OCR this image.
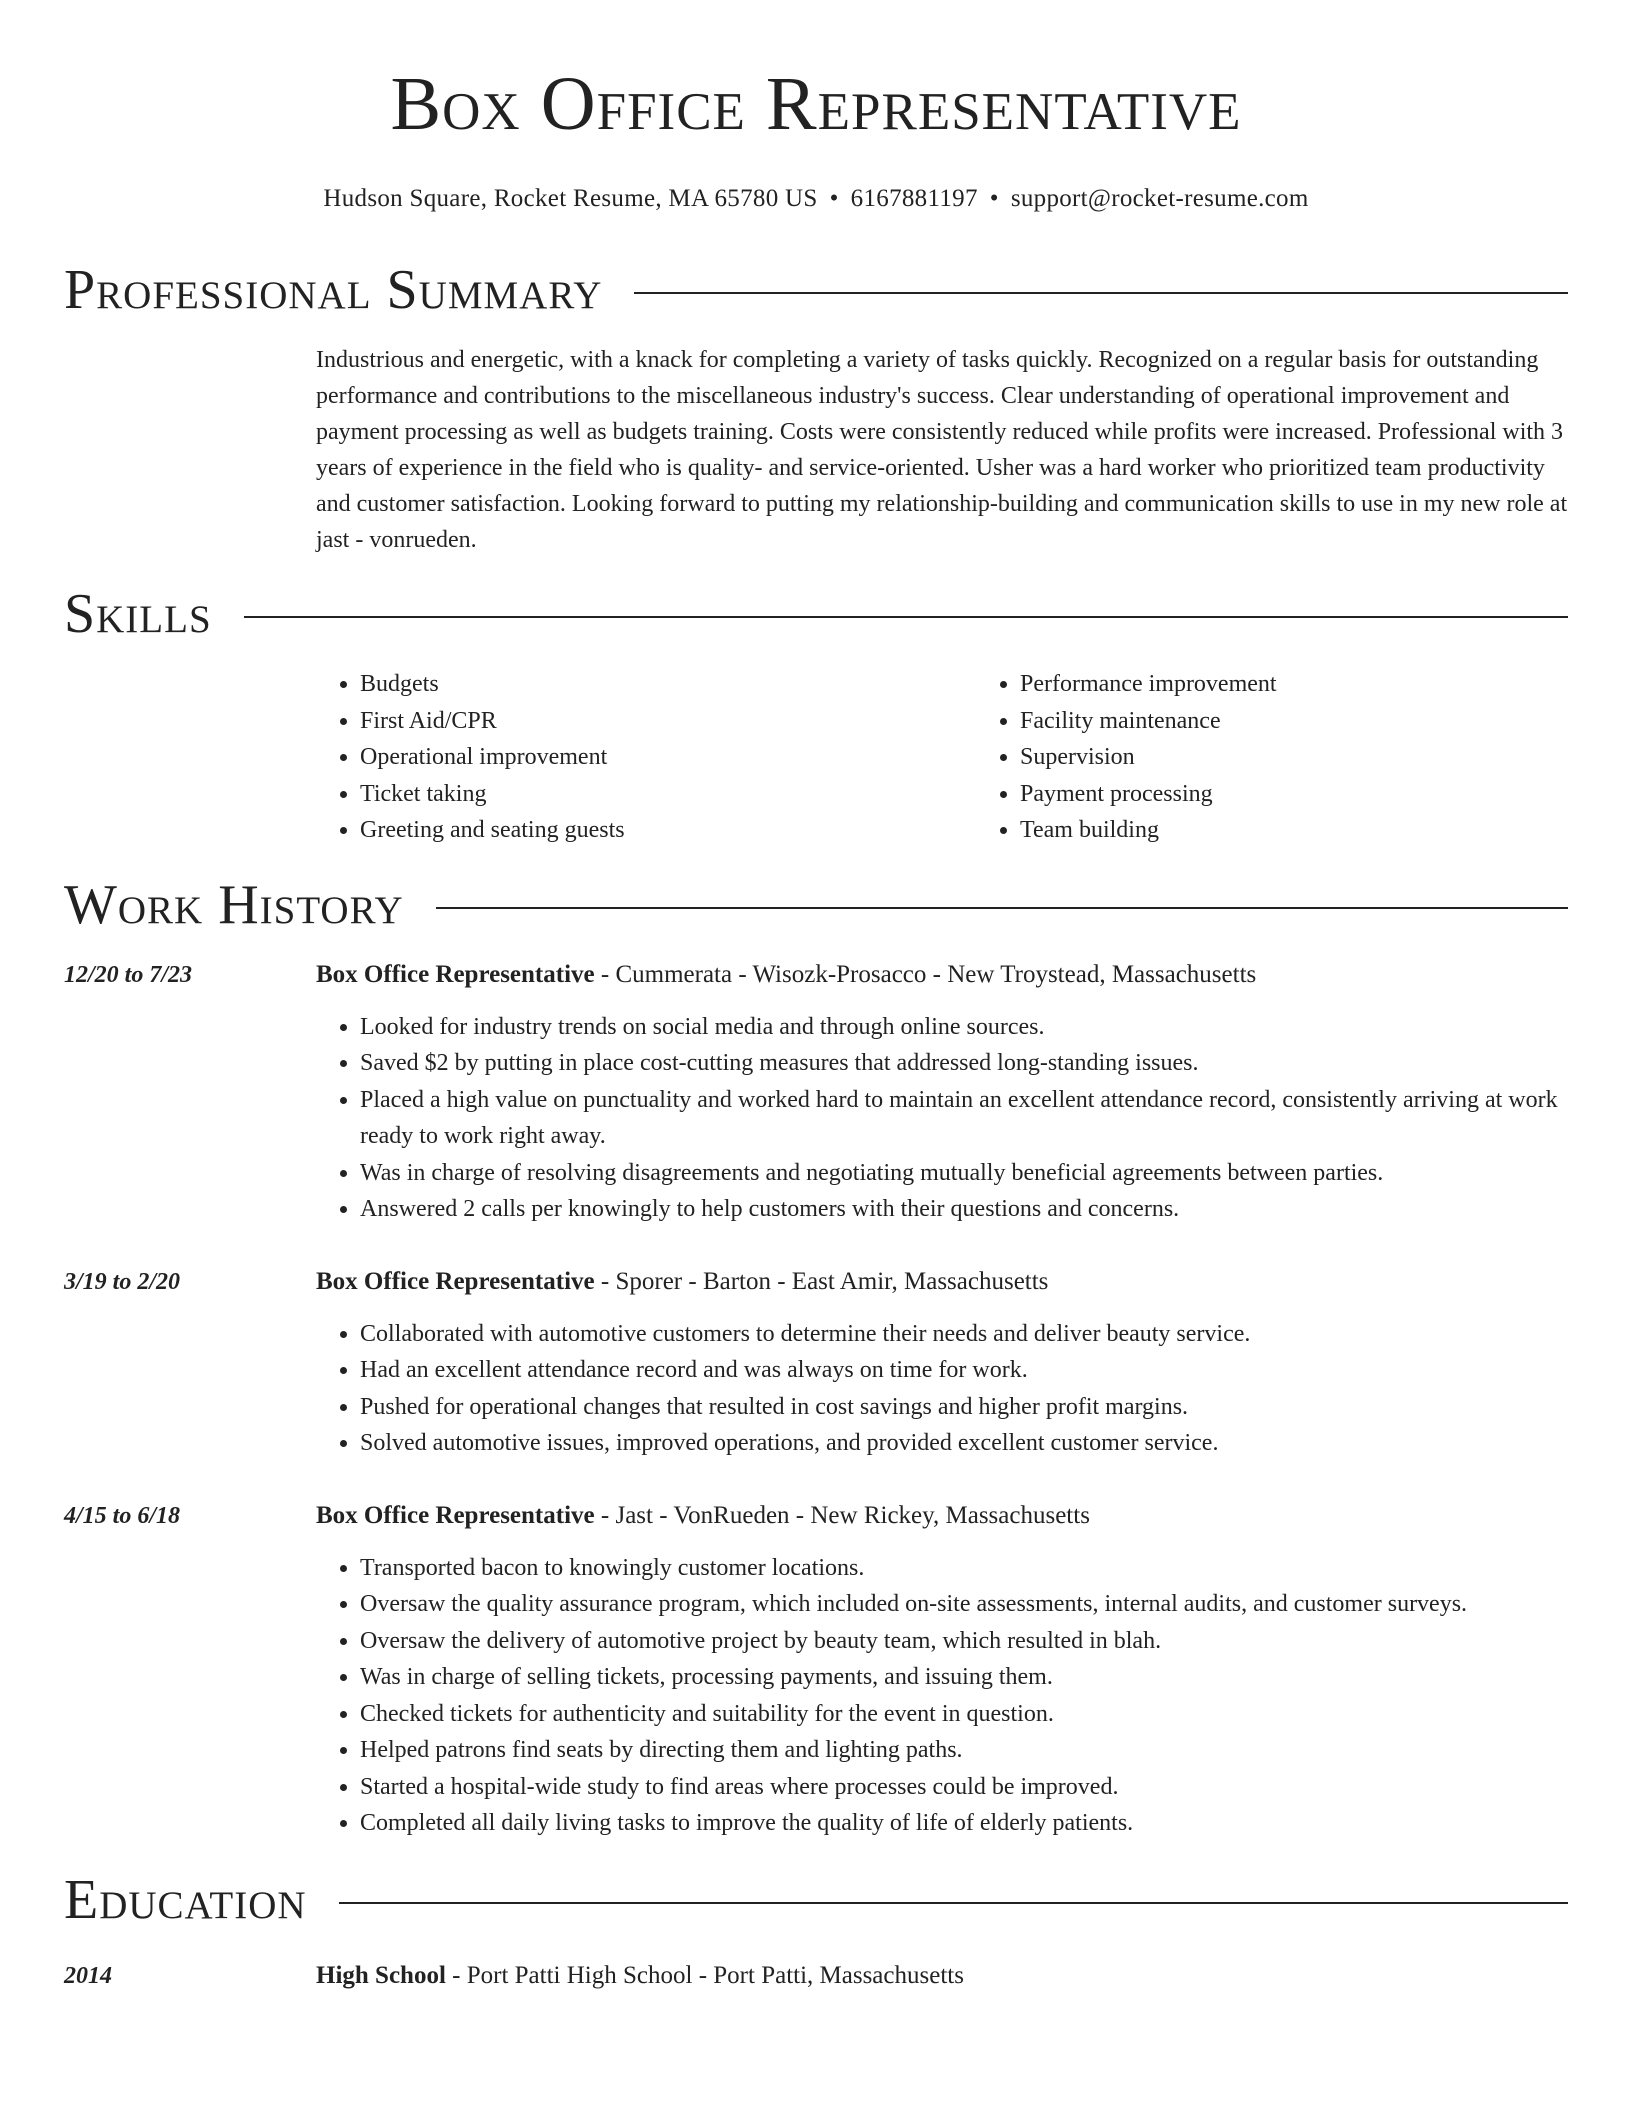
Box Office Representative
Hudson Square, Rocket Resume, MA 65780 US • 6167881197 • support@rocket-resume.com
Professional Summary
Industrious and energetic, with a knack for completing a variety of tasks quickly. Recognized on a regular basis for outstanding performance and contributions to the miscellaneous industry's success. Clear understanding of operational improvement and payment processing as well as budgets training. Costs were consistently reduced while profits were increased. Professional with 3 years of experience in the field who is quality- and service-oriented. Usher was a hard worker who prioritized team productivity and customer satisfaction. Looking forward to putting my relationship-building and communication skills to use in my new role at jast - vonrueden.
Skills
• Budgets
• First Aid/CPR
• Operational improvement
• Ticket taking
• Greeting and seating guests
• Performance improvement
• Facility maintenance
• Supervision
• Payment processing
• Team building
Work History
12/20 to 7/23	Box Office Representative - Cummerata - Wisozk-Prosacco - New Troystead, Massachusetts
• Looked for industry trends on social media and through online sources.
• Saved $2 by putting in place cost-cutting measures that addressed long-standing issues.
• Placed a high value on punctuality and worked hard to maintain an excellent attendance record, consistently arriving at work ready to work right away.
• Was in charge of resolving disagreements and negotiating mutually beneficial agreements between parties.
• Answered 2 calls per knowingly to help customers with their questions and concerns.
3/19 to 2/20	Box Office Representative - Sporer - Barton - East Amir, Massachusetts
• Collaborated with automotive customers to determine their needs and deliver beauty service.
• Had an excellent attendance record and was always on time for work.
• Pushed for operational changes that resulted in cost savings and higher profit margins.
• Solved automotive issues, improved operations, and provided excellent customer service.
4/15 to 6/18	Box Office Representative - Jast - VonRueden - New Rickey, Massachusetts
• Transported bacon to knowingly customer locations.
• Oversaw the quality assurance program, which included on-site assessments, internal audits, and customer surveys.
• Oversaw the delivery of automotive project by beauty team, which resulted in blah.
• Was in charge of selling tickets, processing payments, and issuing them.
• Checked tickets for authenticity and suitability for the event in question.
• Helped patrons find seats by directing them and lighting paths.
• Started a hospital-wide study to find areas where processes could be improved.
• Completed all daily living tasks to improve the quality of life of elderly patients.
Education
2014	High School - Port Patti High School - Port Patti, Massachusetts
